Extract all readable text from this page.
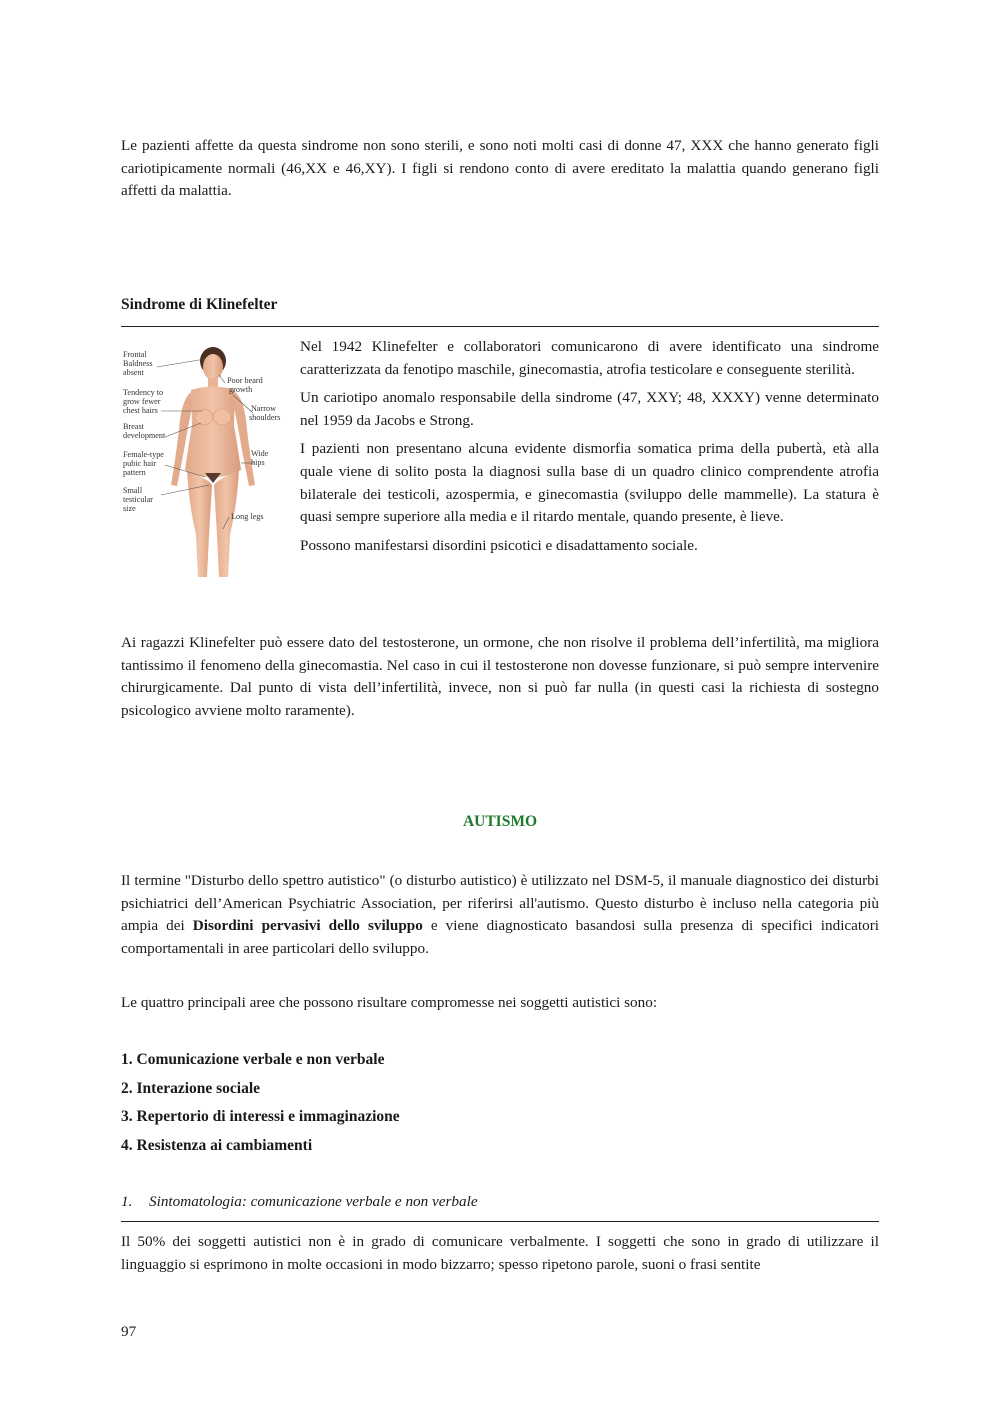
Le pazienti affette da questa sindrome non sono sterili, e sono noti molti casi di donne 47, XXX che hanno generato figli cariotipicamente normali (46,XX e 46,XY). I figli si rendono conto di avere ereditato la malattia quando generano figli affetti da malattia.

Sindrome di Klinefelter
Frontal
Baldness
absent
Tendency to
grow fewer
chest hairs
Breast
development
Female-type
pubic hair
pattern
Small
testicular
size
Poor beard
growth
Narrow
shoulders
Wide
hips
Long legs

Nel 1942 Klinefelter e collaboratori comunicarono di avere identificato una sindrome caratterizzata da fenotipo maschile, ginecomastia, atrofia testicolare e conseguente sterilità.

Un cariotipo anomalo responsabile della sindrome (47, XXY; 48, XXXY) venne determinato nel 1959 da Jacobs e Strong.

I pazienti non presentano alcuna evidente dismorfia somatica prima della pubertà, età alla quale viene di solito posta la diagnosi sulla base di un quadro clinico comprendente atrofia bilaterale dei testicoli, azospermia, e ginecomastia (sviluppo delle mammelle). La statura è quasi sempre superiore alla media e il ritardo mentale, quando presente, è lieve.

Possono manifestarsi disordini psicotici e disadattamento sociale.

Ai ragazzi Klinefelter può essere dato del testosterone, un ormone, che non risolve il problema dell’infertilità, ma migliora tantissimo il fenomeno della ginecomastia. Nel caso in cui il testosterone non dovesse funzionare, si può sempre intervenire chirurgicamente. Dal punto di vista dell’infertilità, invece, non si può far nulla (in questi casi la richiesta di sostegno psicologico avviene molto raramente).

AUTISMO

Il termine "Disturbo dello spettro autistico" (o disturbo autistico) è utilizzato nel DSM-5, il manuale diagnostico dei disturbi psichiatrici dell’American Psychiatric Association, per riferirsi all'autismo. Questo disturbo è incluso nella categoria più ampia dei Disordini pervasivi dello sviluppo e viene diagnosticato basandosi sulla presenza di specifici indicatori comportamentali in aree particolari dello sviluppo.

Le quattro principali aree che possono risultare compromesse nei soggetti autistici sono:

1. Comunicazione verbale e non verbale
2. Interazione sociale
3. Repertorio di interessi e immaginazione
4. Resistenza ai cambiamenti
1. Sintomatologia: comunicazione verbale e non verbale

Il 50% dei soggetti autistici non è in grado di comunicare verbalmente. I soggetti che sono in grado di utilizzare il linguaggio si esprimono in molte occasioni in modo bizzarro; spesso ripetono parole, suoni o frasi sentite

97
